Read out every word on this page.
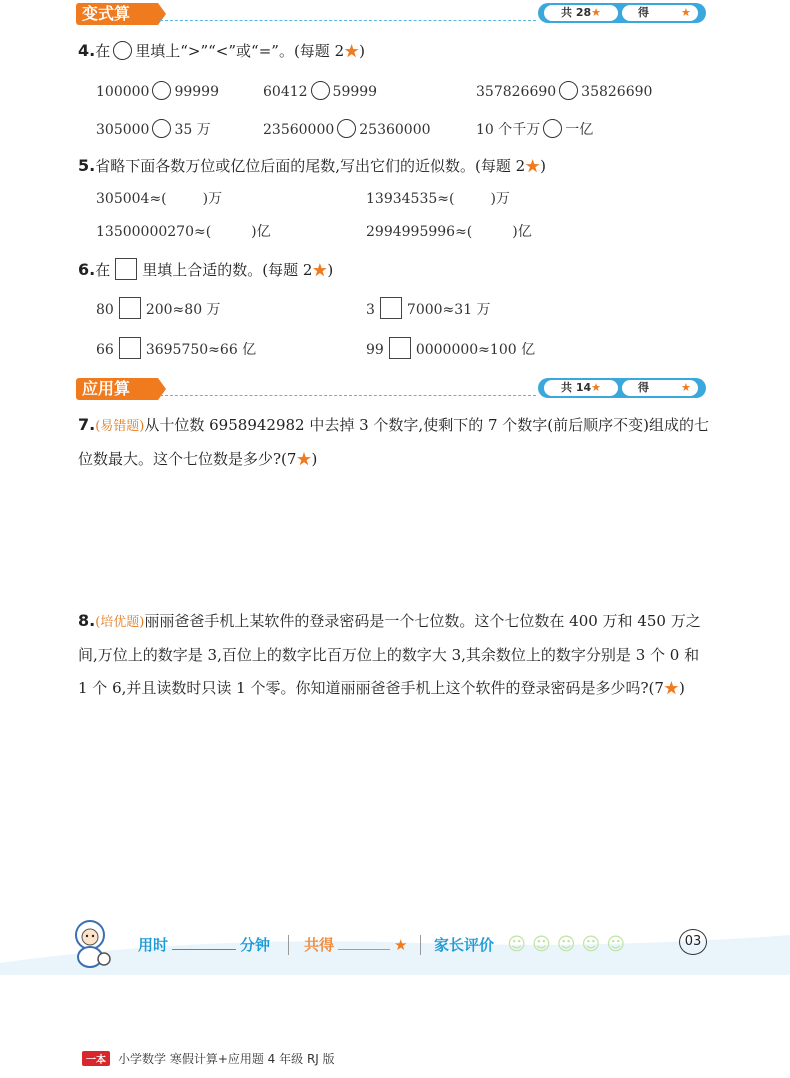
变式算	共 28★	得	★
4.在 里填上“>”“<”或“=”。(每题 2★)
100000 99999	60412 59999	357826690 35826690
305000 35 万	23560000 25360000	10 个千万 一亿
5.省略下面各数万位或亿位后面的尾数,写出它们的近似数。(每题 2★)
305004≈(	)万	13934535≈(	)万
13500000270≈(	)亿	2994995996≈(	)亿
6.在 里填上合适的数。(每题 2★)
80 200≈80 万	3 7000≈31 万
66 3695750≈66 亿	99 0000000≈100 亿
应用算	共 14★	得	★
7.(易错题)从十位数 6958942982 中去掉 3 个数字,使剩下的 7 个数字(前后顺序不变)组成的七位数最大。这个七位数是多少?(7★)
8.(培优题)丽丽爸爸手机上某软件的登录密码是一个七位数。这个七位数在 400 万和 450 万之间,万位上的数字是 3,百位上的数字比百万位上的数字大 3,其余数位上的数字分别是 3 个 0 和 1 个 6,并且读数时只读 1 个零。你知道丽丽爸爸手机上这个软件的登录密码是多少吗?(7★)
用时	分钟 共得	★ 家长评价 ☺☺☺☺☺	03
一本 小学数学 寒假计算+应用题 4 年级 RJ 版
